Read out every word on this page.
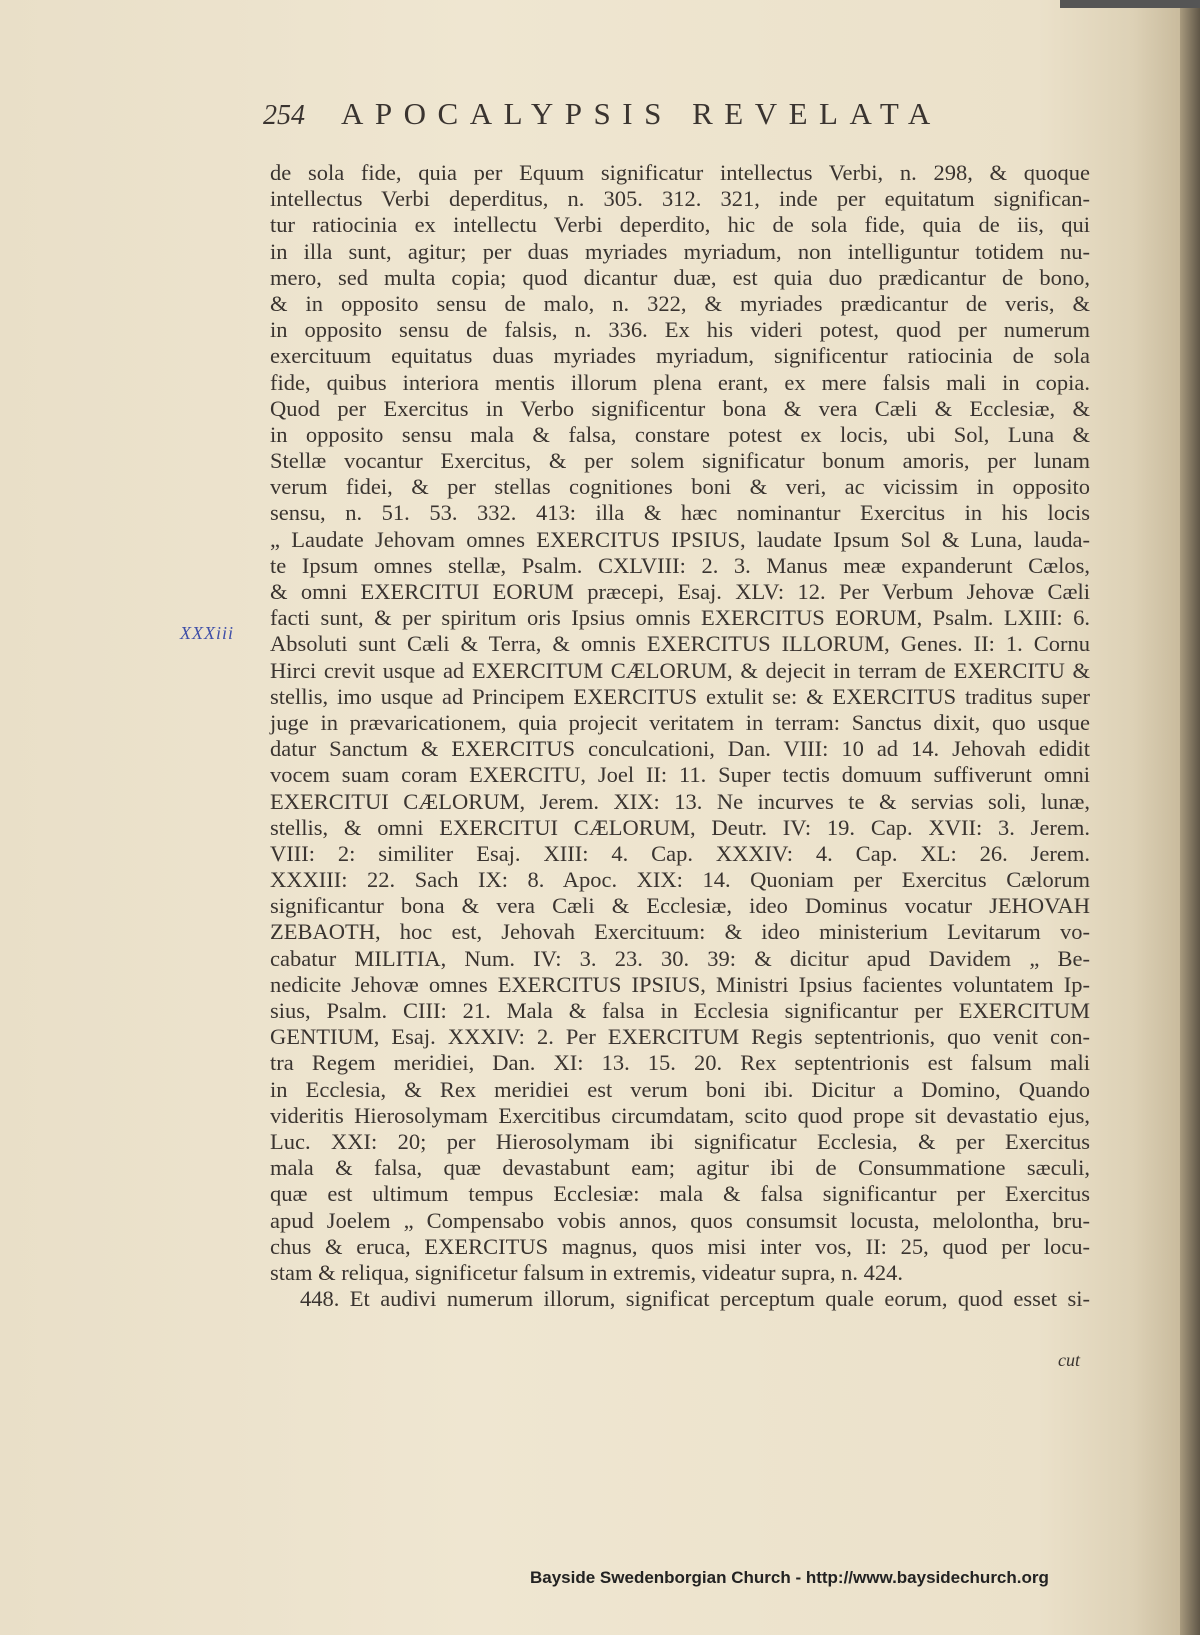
254 APOCALYPSIS REVELATA
XXXiii
de sola fide, quia per Equum significatur intellectus Verbi, n. 298, & quoque
intellectus Verbi deperditus, n. 305. 312. 321, inde per equitatum significan-
tur ratiocinia ex intellectu Verbi deperdito, hic de sola fide, quia de iis, qui
in illa sunt, agitur; per duas myriades myriadum, non intelliguntur totidem nu-
mero, sed multa copia; quod dicantur duæ, est quia duo prædicantur de bono,
& in opposito sensu de malo, n. 322, & myriades prædicantur de veris, &
in opposito sensu de falsis, n. 336. Ex his videri potest, quod per numerum
exercituum equitatus duas myriades myriadum, significentur ratiocinia de sola
fide, quibus interiora mentis illorum plena erant, ex mere falsis mali in copia.
Quod per Exercitus in Verbo significentur bona & vera Cæli & Ecclesiæ, &
in opposito sensu mala & falsa, constare potest ex locis, ubi Sol, Luna &
Stellæ vocantur Exercitus, & per solem significatur bonum amoris, per lunam
verum fidei, & per stellas cognitiones boni & veri, ac vicissim in opposito
sensu, n. 51. 53. 332. 413: illa & hæc nominantur Exercitus in his locis
„ Laudate Jehovam omnes EXERCITUS IPSIUS, laudate Ipsum Sol & Luna, lauda-
te Ipsum omnes stellæ, Psalm. CXLVIII: 2. 3. Manus meæ expanderunt Cælos,
& omni EXERCITUI EORUM præcepi, Esaj. XLV: 12. Per Verbum Jehovæ Cæli
facti sunt, & per spiritum oris Ipsius omnis EXERCITUS EORUM, Psalm. LXIII: 6.
Absoluti sunt Cæli & Terra, & omnis EXERCITUS ILLORUM, Genes. II: 1. Cornu
Hirci crevit usque ad EXERCITUM CÆLORUM, & dejecit in terram de EXERCITU &
stellis, imo usque ad Principem EXERCITUS extulit se: & EXERCITUS traditus super
juge in prævaricationem, quia projecit veritatem in terram: Sanctus dixit, quo usque
datur Sanctum & EXERCITUS conculcationi, Dan. VIII: 10 ad 14. Jehovah edidit
vocem suam coram EXERCITU, Joel II: 11. Super tectis domuum suffiverunt omni
EXERCITUI CÆLORUM, Jerem. XIX: 13. Ne incurves te & servias soli, lunæ,
stellis, & omni EXERCITUI CÆLORUM, Deutr. IV: 19. Cap. XVII: 3. Jerem.
VIII: 2: similiter Esaj. XIII: 4. Cap. XXXIV: 4. Cap. XL: 26. Jerem.
XXXIII: 22. Sach IX: 8. Apoc. XIX: 14. Quoniam per Exercitus Cælorum
significantur bona & vera Cæli & Ecclesiæ, ideo Dominus vocatur JEHOVAH
ZEBAOTH, hoc est, Jehovah Exercituum: & ideo ministerium Levitarum vo-
cabatur MILITIA, Num. IV: 3. 23. 30. 39: & dicitur apud Davidem „ Be-
nedicite Jehovæ omnes EXERCITUS IPSIUS, Ministri Ipsius facientes voluntatem Ip-
sius, Psalm. CIII: 21. Mala & falsa in Ecclesia significantur per EXERCITUM
GENTIUM, Esaj. XXXIV: 2. Per EXERCITUM Regis septentrionis, quo venit con-
tra Regem meridiei, Dan. XI: 13. 15. 20. Rex septentrionis est falsum mali
in Ecclesia, & Rex meridiei est verum boni ibi. Dicitur a Domino, Quando
videritis Hierosolymam Exercitibus circumdatam, scito quod prope sit devastatio ejus,
Luc. XXI: 20; per Hierosolymam ibi significatur Ecclesia, & per Exercitus
mala & falsa, quæ devastabunt eam; agitur ibi de Consummatione sæculi,
quæ est ultimum tempus Ecclesiæ: mala & falsa significantur per Exercitus
apud Joelem „ Compensabo vobis annos, quos consumsit locusta, melolontha, bru-
chus & eruca, EXERCITUS magnus, quos misi inter vos, II: 25, quod per locu-
stam & reliqua, significetur falsum in extremis, videatur supra, n. 424.
448. Et audivi numerum illorum, significat perceptum quale eorum, quod esset si-
cut
Bayside Swedenborgian Church - http://www.baysidechurch.org
